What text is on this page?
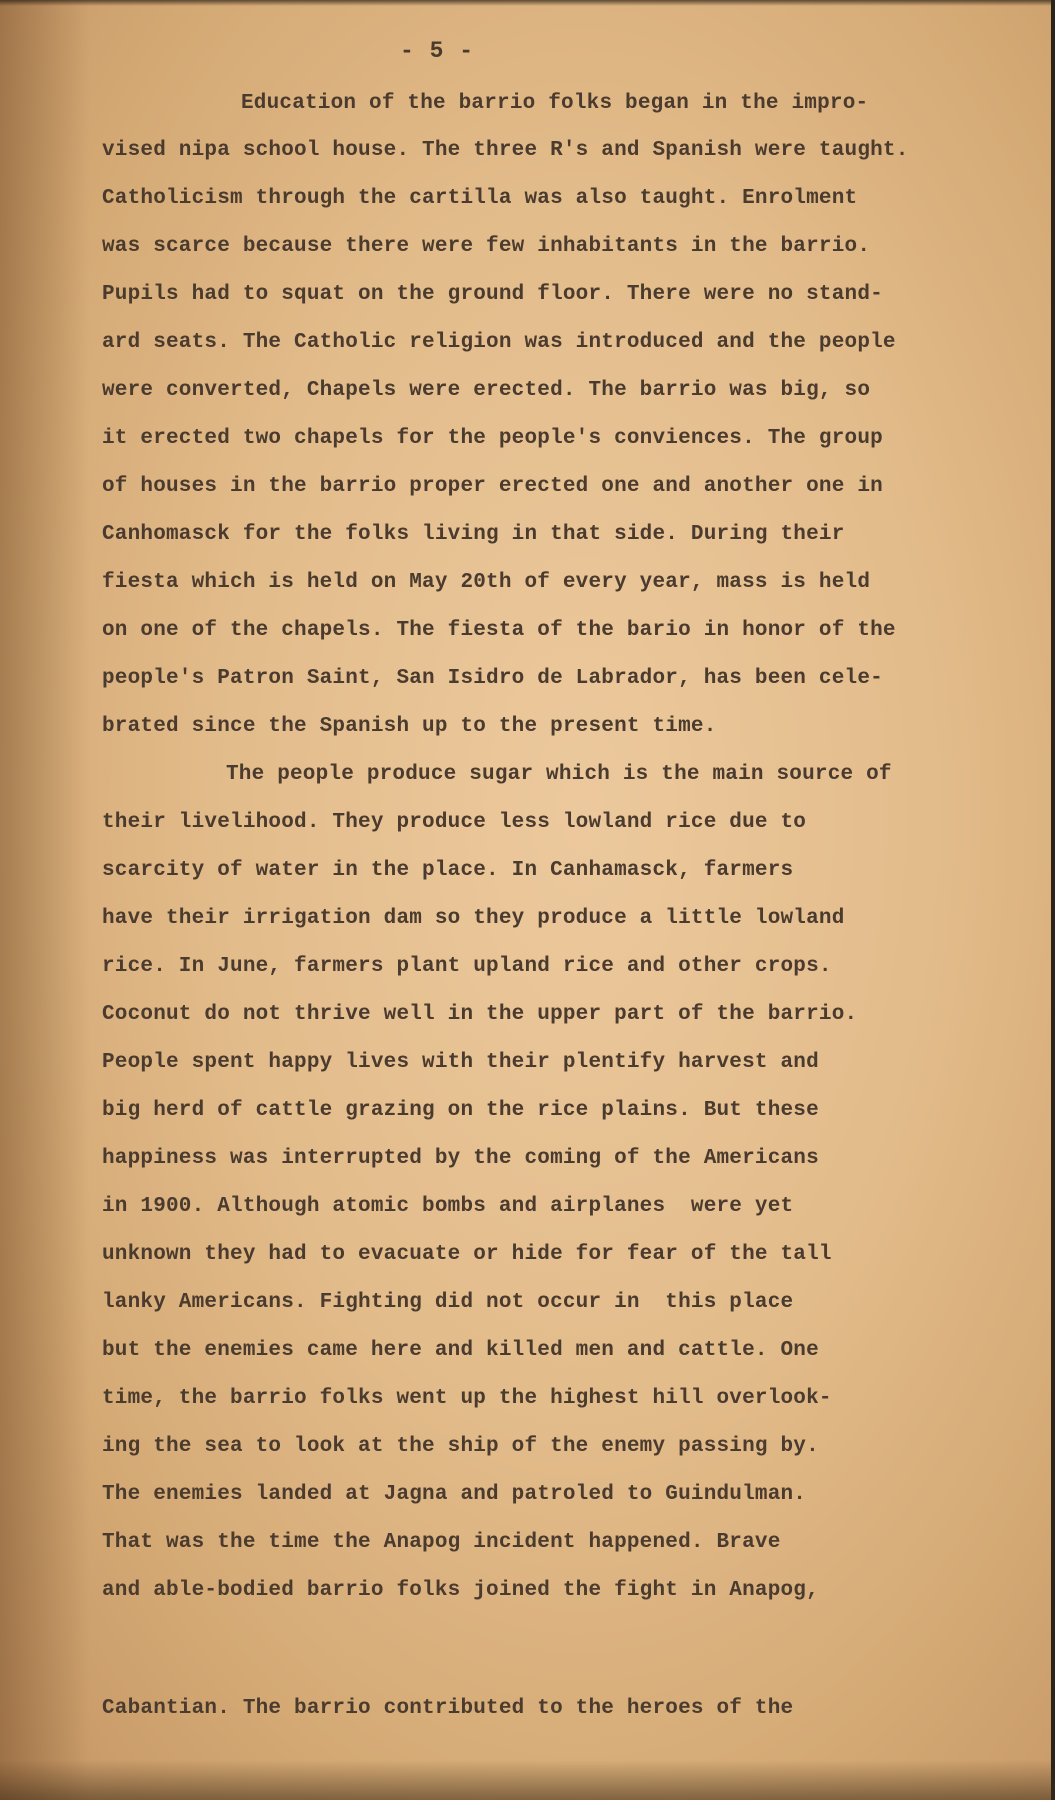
- 5 -
Education of the barrio folks began in the impro-
vised nipa school house. The three R's and Spanish were taught.
Catholicism through the cartilla was also taught. Enrolment
was scarce because there were few inhabitants in the barrio.
Pupils had to squat on the ground floor. There were no stand-
ard seats. The Catholic religion was introduced and the people
were converted, Chapels were erected. The barrio was big, so
it erected two chapels for the people's conviences. The group
of houses in the barrio proper erected one and another one in
Canhomasck for the folks living in that side. During their
fiesta which is held on May 20th of every year, mass is held
on one of the chapels. The fiesta of the bario in honor of the
people's Patron Saint, San Isidro de Labrador, has been cele-
brated since the Spanish up to the present time.
The people produce sugar which is the main source of
their livelihood. They produce less lowland rice due to
scarcity of water in the place. In Canhamasck, farmers
have their irrigation dam so they produce a little lowland
rice. In June, farmers plant upland rice and other crops.
Coconut do not thrive well in the upper part of the barrio.
People spent happy lives with their plentify harvest and
big herd of cattle grazing on the rice plains. But these
happiness was interrupted by the coming of the Americans
in 1900. Although atomic bombs and airplanes  were yet
unknown they had to evacuate or hide for fear of the tall
lanky Americans. Fighting did not occur in  this place
but the enemies came here and killed men and cattle. One
time, the barrio folks went up the highest hill overlook-
ing the sea to look at the ship of the enemy passing by.
The enemies landed at Jagna and patroled to Guindulman.
That was the time the Anapog incident happened. Brave
and able-bodied barrio folks joined the fight in Anapog,
Cabantian. The barrio contributed to the heroes of the
